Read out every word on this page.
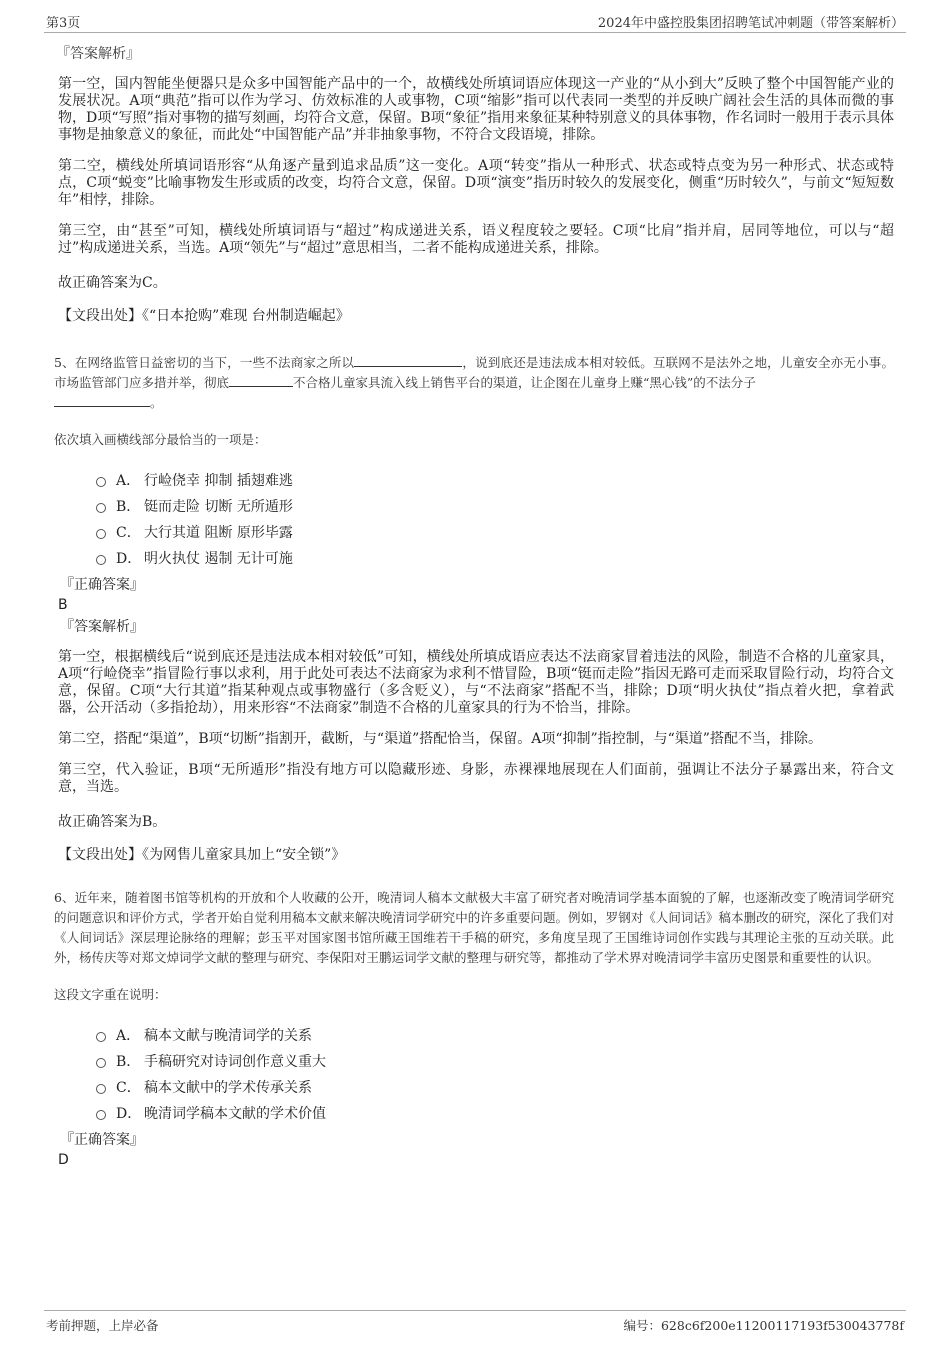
第3页	2024年中盛控股集团招聘笔试冲刺题（带答案解析）
『答案解析』

第一空，国内智能坐便器只是众多中国智能产品中的一个，故横线处所填词语应体现这一产业的“从小到大”反映了整个中国智能产业的发展状况。A项“典范”指可以作为学习、仿效标准的人或事物，C项“缩影”指可以代表同一类型的并反映广阔社会生活的具体而微的事物，D项“写照”指对事物的描写刻画，均符合文意，保留。B项“象征”指用来象征某种特别意义的具体事物，作名词时一般用于表示具体事物是抽象意义的象征，而此处“中国智能产品”并非抽象事物，不符合文段语境，排除。

第二空，横线处所填词语形容“从角逐产量到追求品质”这一变化。A项“转变”指从一种形式、状态或特点变为另一种形式、状态或特点，C项“蜕变”比喻事物发生形或质的改变，均符合文意，保留。D项“演变”指历时较久的发展变化，侧重“历时较久”，与前文“短短数年”相悖，排除。

第三空，由“甚至”可知，横线处所填词语与“超过”构成递进关系，语义程度较之要轻。C项“比肩”指并肩，居同等地位，可以与“超过”构成递进关系，当选。A项“领先”与“超过”意思相当，二者不能构成递进关系，排除。

故正确答案为C。

【文段出处】《“日本抢购”难现 台州制造崛起》
5、在网络监管日益密切的当下，一些不法商家之所以	，说到底还是违法成本相对较低。互联网不是法外之地，儿童安全亦无小事。市场监管部门应多措并举，彻底	不合格儿童家具流入线上销售平台的渠道，让企图在儿童身上赚“黑心钱”的不法分子
。
依次填入画横线部分最恰当的一项是：
A． 行崄侥幸 抑制 插翅难逃
B． 铤而走险 切断 无所遁形
C． 大行其道 阻断 原形毕露
D． 明火执仗 遏制 无计可施
『正确答案』
B
『答案解析』

第一空，根据横线后“说到底还是违法成本相对较低”可知，横线处所填成语应表达不法商家冒着违法的风险，制造不合格的儿童家具，A项“行崄侥幸”指冒险行事以求利，用于此处可表达不法商家为求利不惜冒险，B项“铤而走险”指因无路可走而采取冒险行动，均符合文意，保留。C项“大行其道”指某种观点或事物盛行（多含贬义），与“不法商家”搭配不当，排除；D项“明火执仗”指点着火把，拿着武器，公开活动（多指抢劫），用来形容“不法商家”制造不合格的儿童家具的行为不恰当，排除。

第二空，搭配“渠道”，B项“切断”指割开，截断，与“渠道”搭配恰当，保留。A项“抑制”指控制，与“渠道”搭配不当，排除。

第三空，代入验证，B项“无所遁形”指没有地方可以隐藏形迹、身影，赤裸裸地展现在人们面前，强调让不法分子暴露出来，符合文意，当选。

故正确答案为B。

【文段出处】《为网售儿童家具加上“安全锁”》
6、近年来，随着图书馆等机构的开放和个人收藏的公开，晚清词人稿本文献极大丰富了研究者对晚清词学基本面貌的了解，也逐渐改变了晚清词学研究的问题意识和评价方式，学者开始自觉利用稿本文献来解决晚清词学研究中的许多重要问题。例如，罗钢对《人间词话》稿本删改的研究，深化了我们对《人间词话》深层理论脉络的理解；彭玉平对国家图书馆所藏王国维若干手稿的研究，多角度呈现了王国维诗词创作实践与其理论主张的互动关联。此外，杨传庆等对郑文焯词学文献的整理与研究、李保阳对王鹏运词学文献的整理与研究等，都推动了学术界对晚清词学丰富历史图景和重要性的认识。
这段文字重在说明：
A． 稿本文献与晚清词学的关系
B． 手稿研究对诗词创作意义重大
C． 稿本文献中的学术传承关系
D． 晚清词学稿本文献的学术价值
『正确答案』
D
考前押题，上岸必备	编号：628c6f200e11200117193f530043778f
